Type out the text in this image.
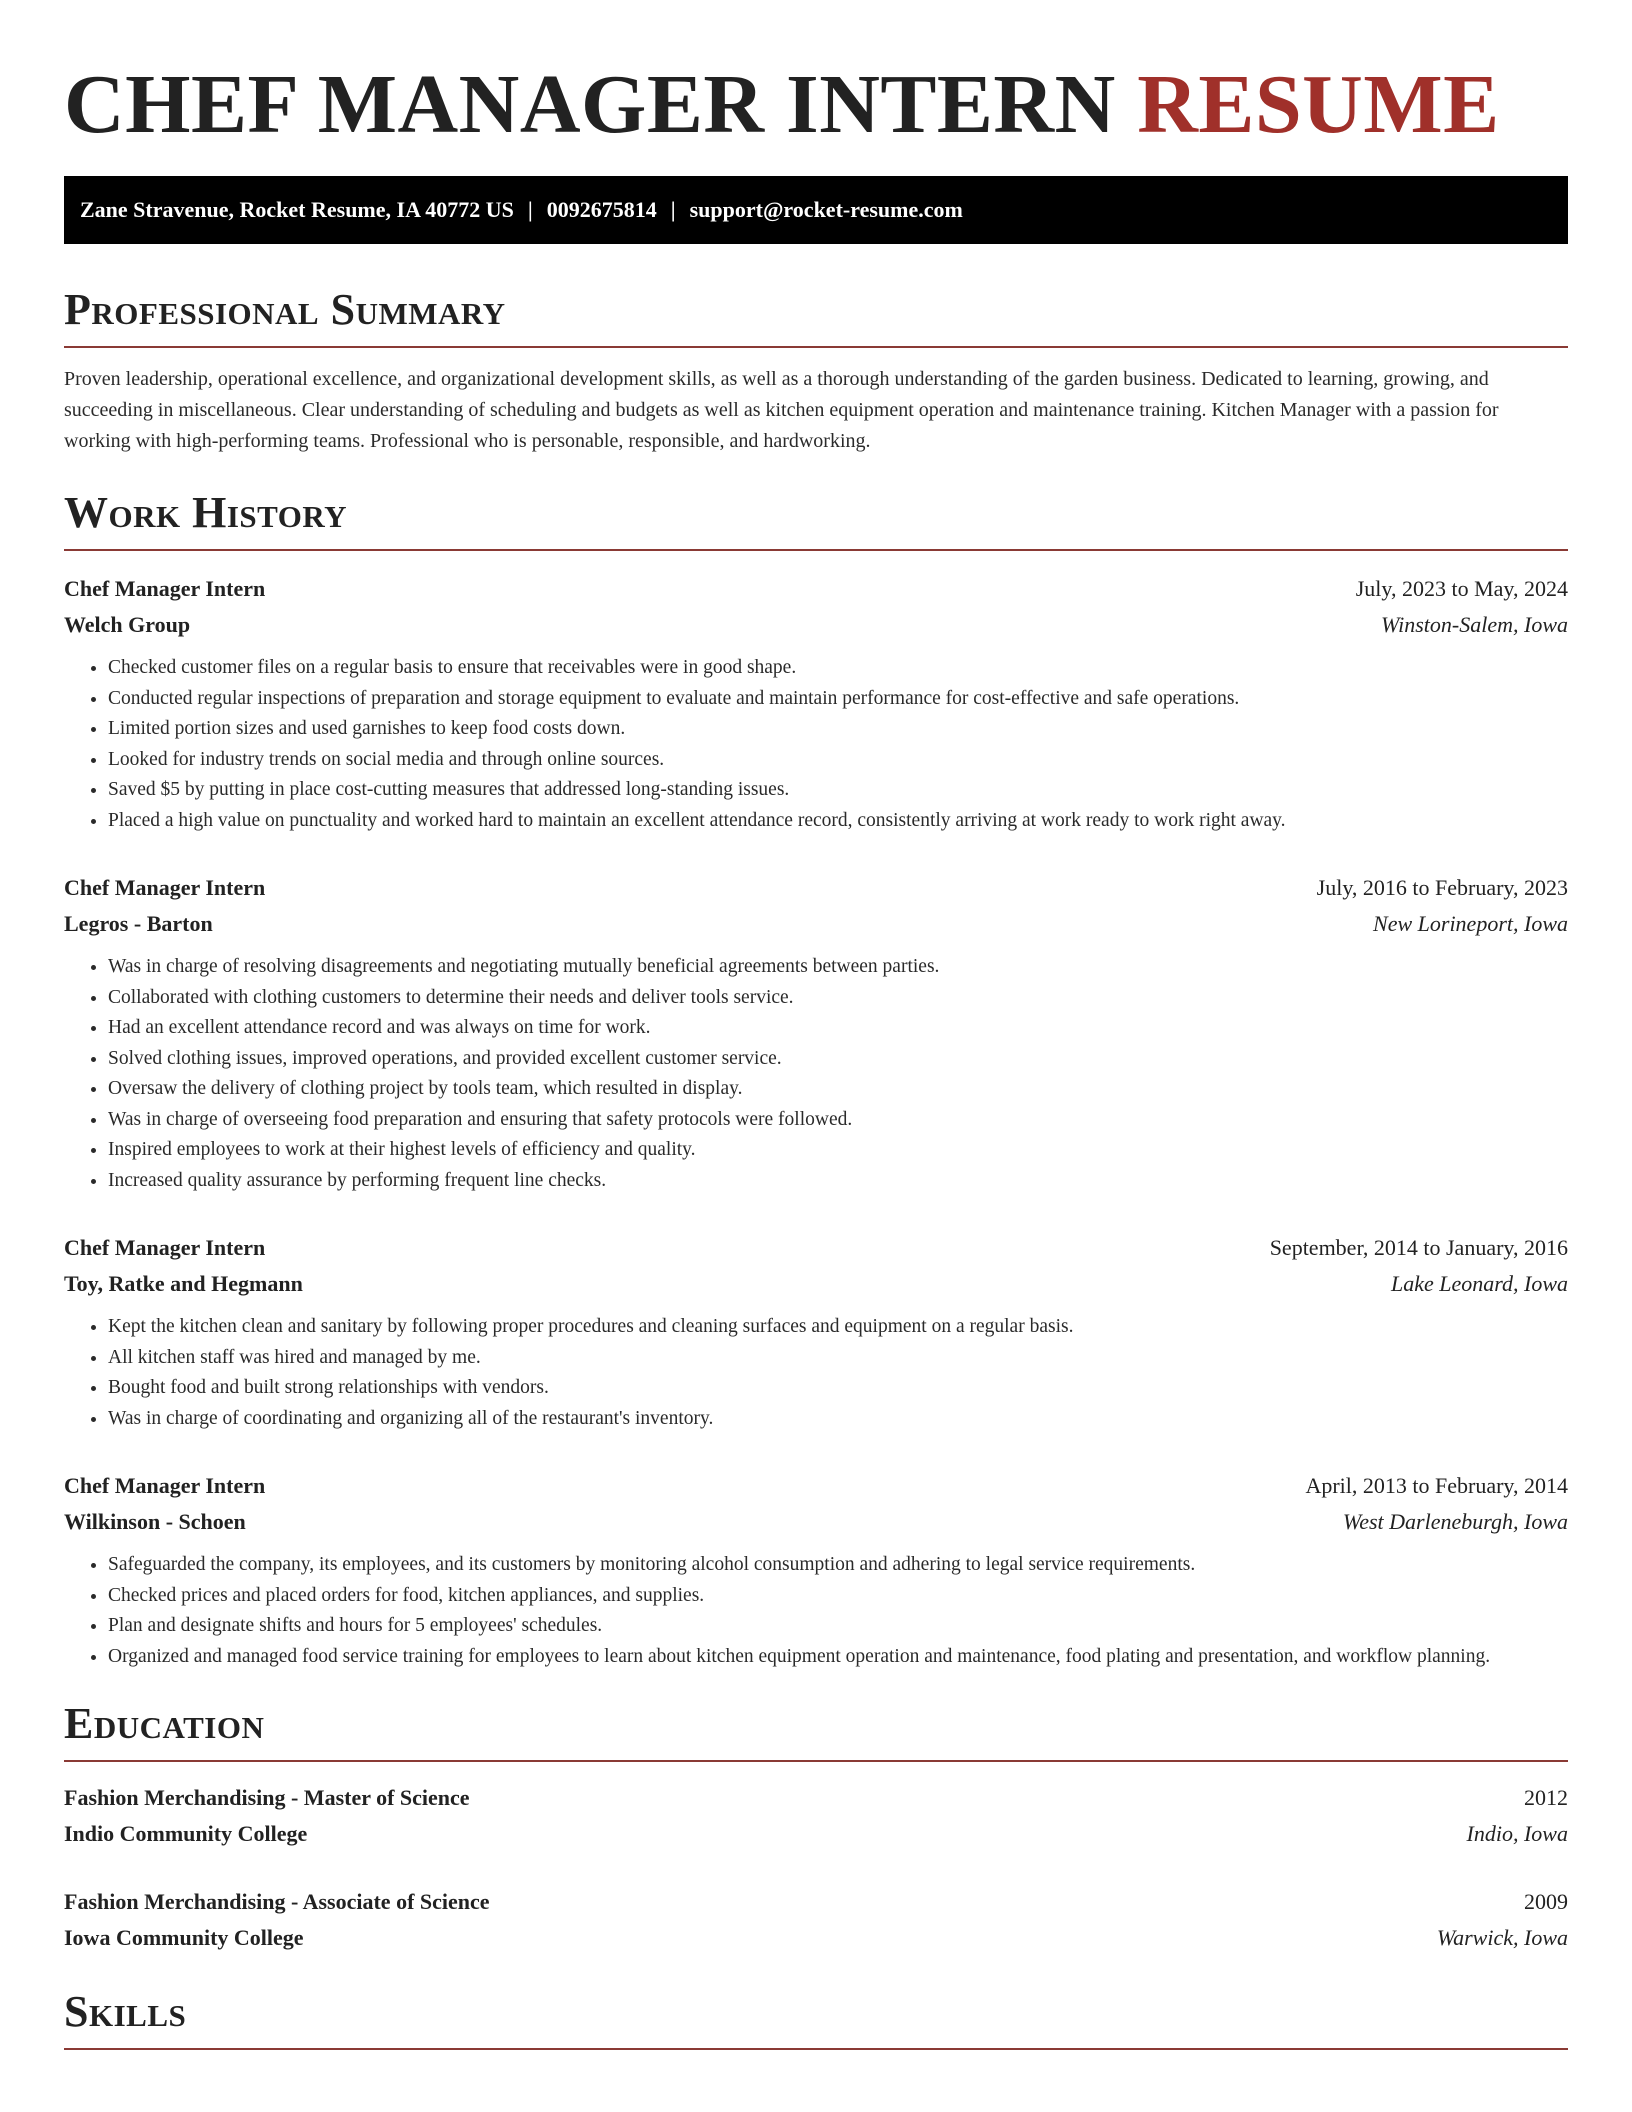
CHEF MANAGER INTERN RESUME
Zane Stravenue, Rocket Resume, IA 40772 US | 0092675814 | support@rocket-resume.com
Professional Summary

Proven leadership, operational excellence, and organizational development skills, as well as a thorough understanding of the garden business. Dedicated to learning, growing, and succeeding in miscellaneous. Clear understanding of scheduling and budgets as well as kitchen equipment operation and maintenance training. Kitchen Manager with a passion for working with high-performing teams. Professional who is personable, responsible, and hardworking.

Work History
Chef Manager Intern	July, 2023 to May, 2024
Welch Group	Winston-Salem, Iowa
• Checked customer files on a regular basis to ensure that receivables were in good shape.
• Conducted regular inspections of preparation and storage equipment to evaluate and maintain performance for cost-effective and safe operations.
• Limited portion sizes and used garnishes to keep food costs down.
• Looked for industry trends on social media and through online sources.
• Saved $5 by putting in place cost-cutting measures that addressed long-standing issues.
• Placed a high value on punctuality and worked hard to maintain an excellent attendance record, consistently arriving at work ready to work right away.
Chef Manager Intern	July, 2016 to February, 2023
Legros - Barton	New Lorineport, Iowa
• Was in charge of resolving disagreements and negotiating mutually beneficial agreements between parties.
• Collaborated with clothing customers to determine their needs and deliver tools service.
• Had an excellent attendance record and was always on time for work.
• Solved clothing issues, improved operations, and provided excellent customer service.
• Oversaw the delivery of clothing project by tools team, which resulted in display.
• Was in charge of overseeing food preparation and ensuring that safety protocols were followed.
• Inspired employees to work at their highest levels of efficiency and quality.
• Increased quality assurance by performing frequent line checks.
Chef Manager Intern	September, 2014 to January, 2016
Toy, Ratke and Hegmann	Lake Leonard, Iowa
• Kept the kitchen clean and sanitary by following proper procedures and cleaning surfaces and equipment on a regular basis.
• All kitchen staff was hired and managed by me.
• Bought food and built strong relationships with vendors.
• Was in charge of coordinating and organizing all of the restaurant's inventory.
Chef Manager Intern	April, 2013 to February, 2014
Wilkinson - Schoen	West Darleneburgh, Iowa
• Safeguarded the company, its employees, and its customers by monitoring alcohol consumption and adhering to legal service requirements.
• Checked prices and placed orders for food, kitchen appliances, and supplies.
• Plan and designate shifts and hours for 5 employees' schedules.
• Organized and managed food service training for employees to learn about kitchen equipment operation and maintenance, food plating and presentation, and workflow planning.
Education
Fashion Merchandising - Master of Science	2012
Indio Community College	Indio, Iowa
Fashion Merchandising - Associate of Science	2009
Iowa Community College	Warwick, Iowa
Skills
